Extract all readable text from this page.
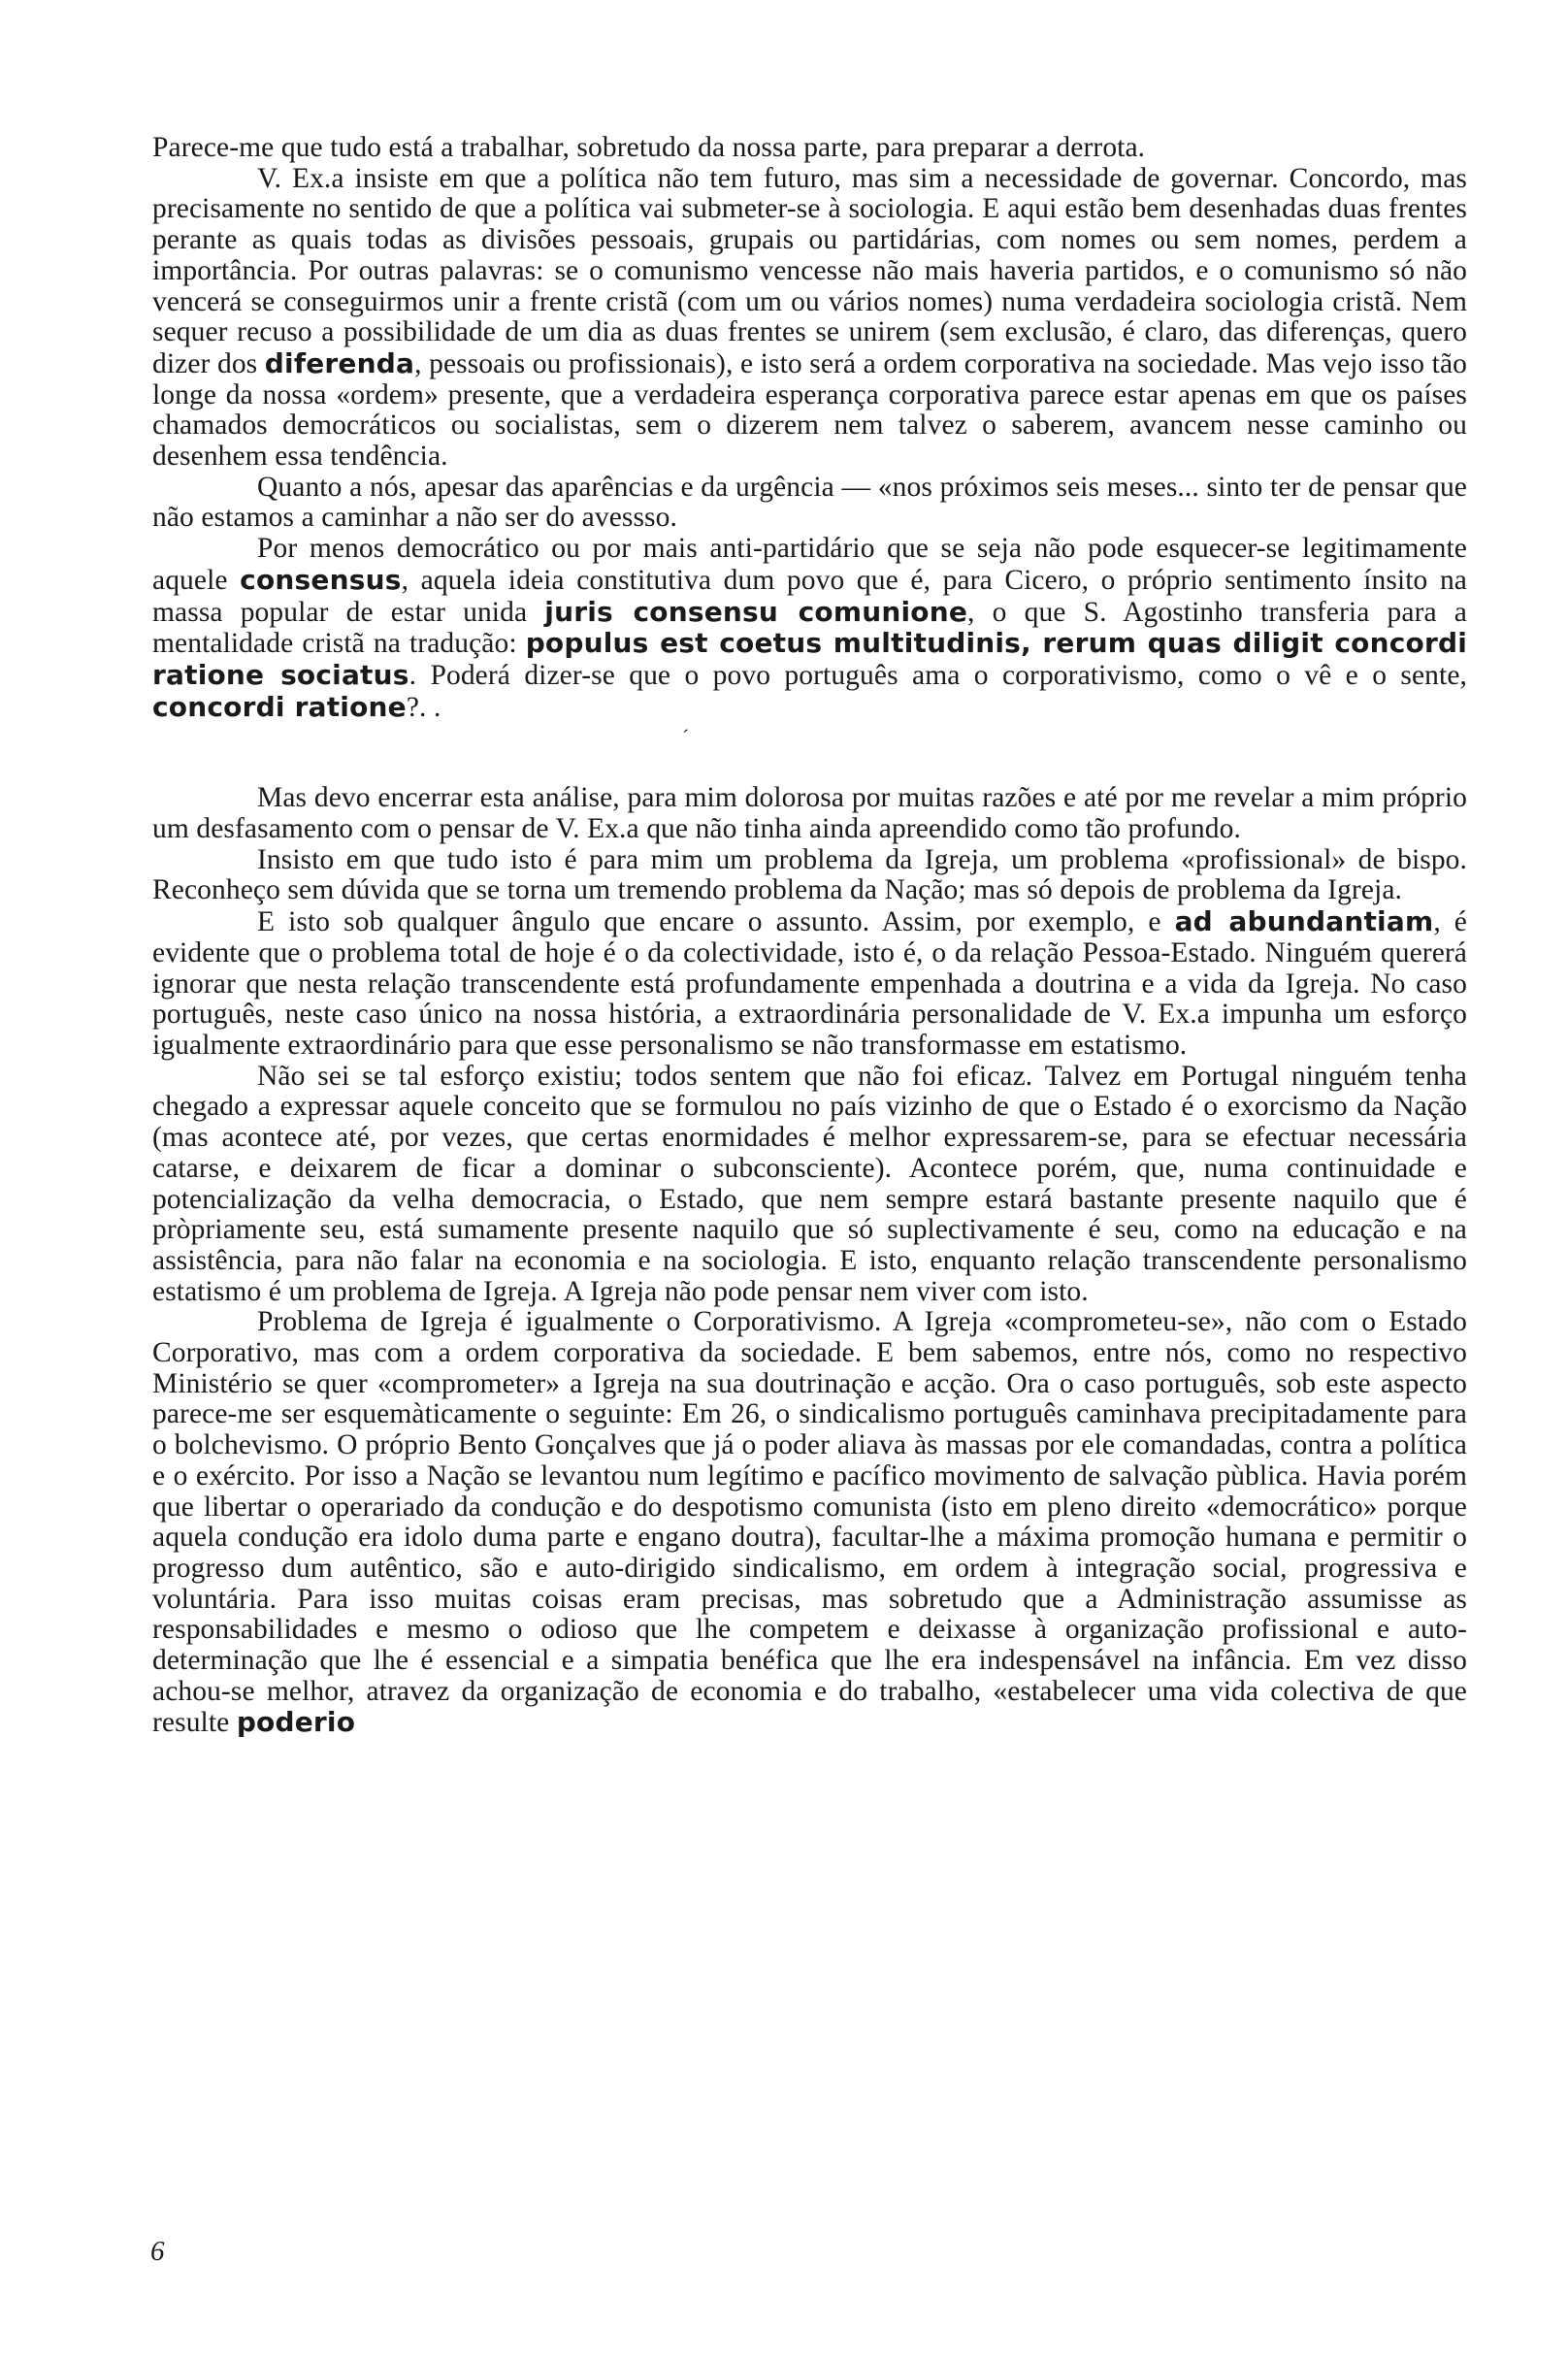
Parece-me que tudo está a trabalhar, sobretudo da nossa parte, para preparar a derrota.

V. Ex.a insiste em que a política não tem futuro, mas sim a necessidade de governar. Concordo, mas precisamente no sentido de que a política vai submeter-se à sociologia. E aqui estão bem desenhadas duas frentes perante as quais todas as divisões pessoais, grupais ou partidárias, com nomes ou sem nomes, perdem a importância. Por outras palavras: se o comunismo vencesse não mais haveria partidos, e o comunismo só não vencerá se conseguirmos unir a frente cristã (com um ou vários nomes) numa verdadeira sociologia cristã. Nem sequer recuso a possibilidade de um dia as duas frentes se unirem (sem exclusão, é claro, das diferenças, quero dizer dos diferenda, pessoais ou profissionais), e isto será a ordem corporativa na sociedade. Mas vejo isso tão longe da nossa «ordem» presente, que a verdadeira esperança corporativa parece estar apenas em que os países chamados democráticos ou socialistas, sem o dizerem nem talvez o saberem, avancem nesse caminho ou desenhem essa tendência.

Quanto a nós, apesar das aparências e da urgência — «nos próximos seis meses... sinto ter de pensar que não estamos a caminhar a não ser do avessso.

Por menos democrático ou por mais anti-partidário que se seja não pode esquecer-se legitimamente aquele consensus, aquela ideia constitutiva dum povo que é, para Cicero, o próprio sentimento ínsito na massa popular de estar unida juris consensu comunione, o que S. Agostinho transferia para a mentalidade cristã na tradução: populus est coetus multitudinis, rerum quas diligit concordi ratione sociatus. Poderá dizer-se que o povo português ama o corporativismo, como o vê e o sente, concordi ratione?. .

ˊ

Mas devo encerrar esta análise, para mim dolorosa por muitas razões e até por me revelar a mim próprio um desfasamento com o pensar de V. Ex.a que não tinha ainda apreendido como tão profundo.

Insisto em que tudo isto é para mim um problema da Igreja, um problema «profissional» de bispo. Reconheço sem dúvida que se torna um tremendo problema da Nação; mas só depois de problema da Igreja.

E isto sob qualquer ângulo que encare o assunto. Assim, por exemplo, e ad abundantiam, é evidente que o problema total de hoje é o da colectividade, isto é, o da relação Pessoa-Estado. Ninguém quererá ignorar que nesta relação transcendente está profundamente empenhada a doutrina e a vida da Igreja. No caso português, neste caso único na nossa história, a extraordinária personalidade de V. Ex.a impunha um esforço igualmente extraordinário para que esse personalismo se não transformasse em estatismo.

Não sei se tal esforço existiu; todos sentem que não foi eficaz. Talvez em Portugal ninguém tenha chegado a expressar aquele conceito que se formulou no país vizinho de que o Estado é o exorcismo da Nação (mas acontece até, por vezes, que certas enormidades é melhor expressarem-se, para se efectuar necessária catarse, e deixarem de ficar a dominar o subconsciente). Acontece porém, que, numa continuidade e potencialização da velha democracia, o Estado, que nem sempre estará bastante presente naquilo que é pròpriamente seu, está sumamente presente naquilo que só suplectivamente é seu, como na educação e na assistência, para não falar na economia e na sociologia. E isto, enquanto relação transcendente personalismo estatismo é um problema de Igreja. A Igreja não pode pensar nem viver com isto.

Problema de Igreja é igualmente o Corporativismo. A Igreja «comprometeu-se», não com o Estado Corporativo, mas com a ordem corporativa da sociedade. E bem sabemos, entre nós, como no respectivo Ministério se quer «comprometer» a Igreja na sua doutrinação e acção. Ora o caso português, sob este aspecto parece-me ser esquemàticamente o seguinte: Em 26, o sindicalismo português caminhava precipitadamente para o bolchevismo. O próprio Bento Gonçalves que já o poder aliava às massas por ele comandadas, contra a política e o exército. Por isso a Nação se levantou num legítimo e pacífico movimento de salvação pùblica. Havia porém que libertar o operariado da condução e do despotismo comunista (isto em pleno direito «democrático» porque aquela condução era idolo duma parte e engano doutra), facultar-lhe a máxima promoção humana e permitir o progresso dum autêntico, são e auto-dirigido sindicalismo, em ordem à integração social, progressiva e voluntária. Para isso muitas coisas eram precisas, mas sobretudo que a Administração assumisse as responsabilidades e mesmo o odioso que lhe competem e deixasse à organização profissional e auto-determinação que lhe é essencial e a simpatia benéfica que lhe era indespensável na infância. Em vez disso achou-se melhor, atravez da organização de economia e do trabalho, «estabelecer uma vida colectiva de que resulte poderio

6
